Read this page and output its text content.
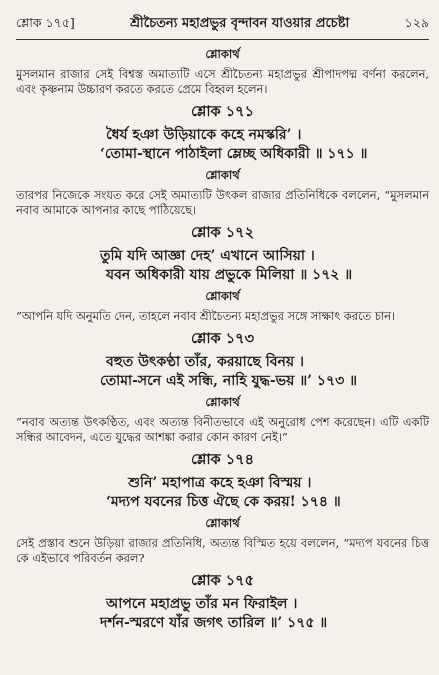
শ্লোক ১৭৫]	শ্রীচৈতন্য মহাপ্রভুর বৃন্দাবন যাওয়ার প্রচেষ্টা	১২৯
শ্লোকার্থ
মুসলমান রাজার সেই বিশ্বস্ত অমাত্যটি এসে শ্রীচৈতন্য মহাপ্রভুর শ্রীপাদপদ্ম বর্ণনা করলেন, এবং কৃষ্ণনাম উচ্চারণ করতে করতে প্রেমে বিহ্বল হলেন।
শ্লোক ১৭১
ধৈর্য হঞা উড়িয়াকে কহে নমস্করি’ ।
‘তোমা-স্থানে পাঠাইলা ম্লেচ্ছ অধিকারী ॥ ১৭১ ॥
শ্লোকার্থ
তারপর নিজেকে সংযত করে সেই অমাত্যটি উৎকল রাজার প্রতিনিধিকে বললেন, “মুসলমান নবাব আমাকে আপনার কাছে পাঠিয়েছে।
শ্লোক ১৭২
তুমি যদি আজ্ঞা দেহ’ এখানে আসিয়া ।
যবন অধিকারী যায় প্রভুকে মিলিয়া ॥ ১৭২ ॥
শ্লোকার্থ
“আপনি যদি অনুমতি দেন, তাহলে নবাব শ্রীচৈতন্য মহাপ্রভুর সঙ্গে সাক্ষাৎ করতে চান।
শ্লোক ১৭৩
বহুত উৎকণ্ঠা তাঁর, করয়াছে বিনয় ।
তোমা-সনে এই সন্ধি, নাহি যুদ্ধ-ভয় ॥’ ১৭৩ ॥
শ্লোকার্থ
“নবাব অত্যন্ত উৎকণ্ঠিত, এবং অত্যন্ত বিনীতভাবে এই অনুরোধ পেশ করেছেন। এটি একটি সন্ধির আবেদন, এতে যুদ্ধের আশঙ্কা করার কোন কারণ নেই।”
শ্লোক ১৭৪
শুনি’ মহাপাত্র কহে হঞা বিস্ময় ।
‘মদ্যপ যবনের চিত্ত ঐছে কে করয়! ১৭৪ ॥
শ্লোকার্থ
সেই প্রস্তাব শুনে উড়িয়া রাজার প্রতিনিধি, অত্যন্ত বিস্মিত হয়ে বললেন, “মদ্যপ যবনের চিত্ত কে এইভাবে পরিবর্তন করল?
শ্লোক ১৭৫
আপনে মহাপ্রভু তাঁর মন ফিরাইল ।
দর্শন-স্মরণে যাঁর জগৎ তারিল ॥’ ১৭৫ ॥
